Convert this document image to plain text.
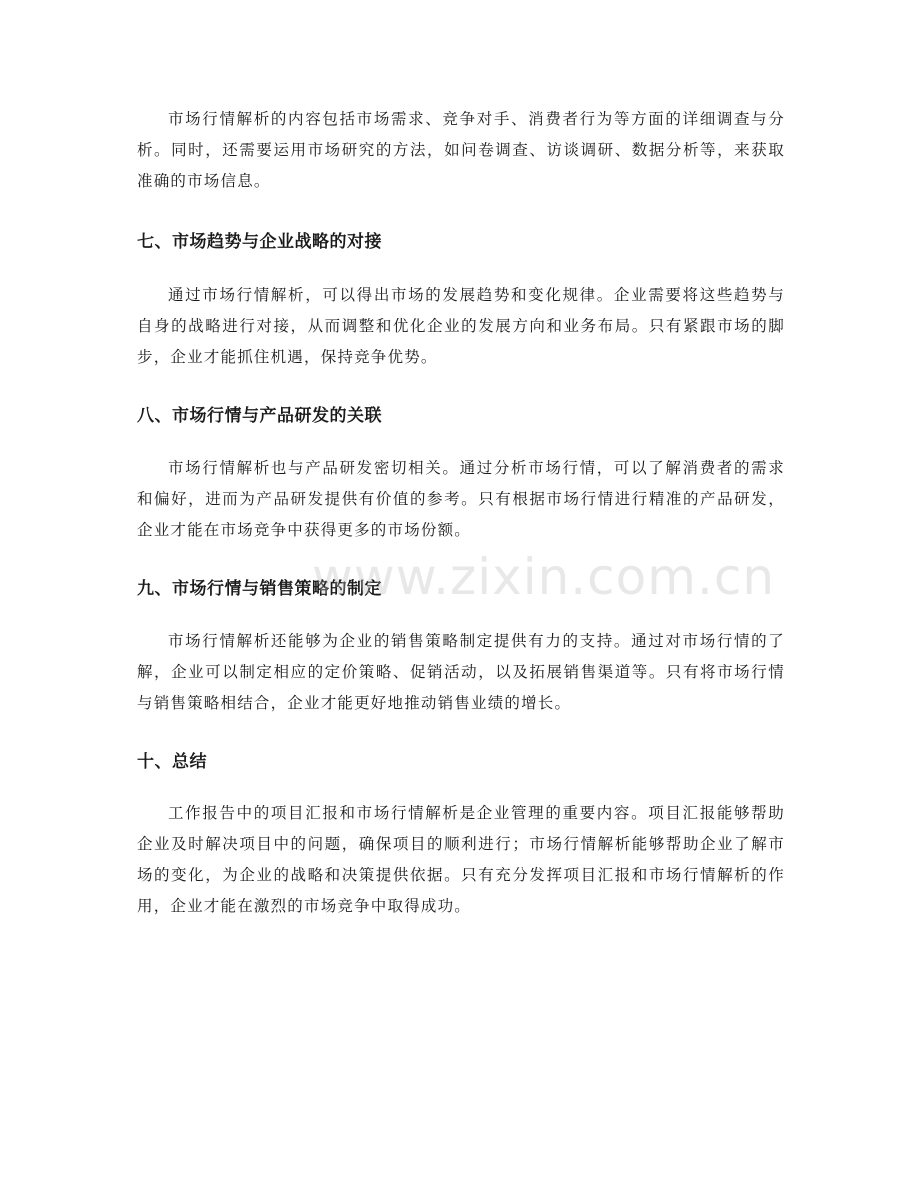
市场行情解析的内容包括市场需求、竞争对手、消费者行为等方面的详细调查与分析。同时，还需要运用市场研究的方法，如问卷调查、访谈调研、数据分析等，来获取准确的市场信息。

七、市场趋势与企业战略的对接

通过市场行情解析，可以得出市场的发展趋势和变化规律。企业需要将这些趋势与自身的战略进行对接，从而调整和优化企业的发展方向和业务布局。只有紧跟市场的脚步，企业才能抓住机遇，保持竞争优势。

八、市场行情与产品研发的关联

市场行情解析也与产品研发密切相关。通过分析市场行情，可以了解消费者的需求和偏好，进而为产品研发提供有价值的参考。只有根据市场行情进行精准的产品研发，企业才能在市场竞争中获得更多的市场份额。

九、市场行情与销售策略的制定

市场行情解析还能够为企业的销售策略制定提供有力的支持。通过对市场行情的了解，企业可以制定相应的定价策略、促销活动，以及拓展销售渠道等。只有将市场行情与销售策略相结合，企业才能更好地推动销售业绩的增长。

十、总结

工作报告中的项目汇报和市场行情解析是企业管理的重要内容。项目汇报能够帮助企业及时解决项目中的问题，确保项目的顺利进行；市场行情解析能够帮助企业了解市场的变化，为企业的战略和决策提供依据。只有充分发挥项目汇报和市场行情解析的作用，企业才能在激烈的市场竞争中取得成功。

www.zixin.com.cn
